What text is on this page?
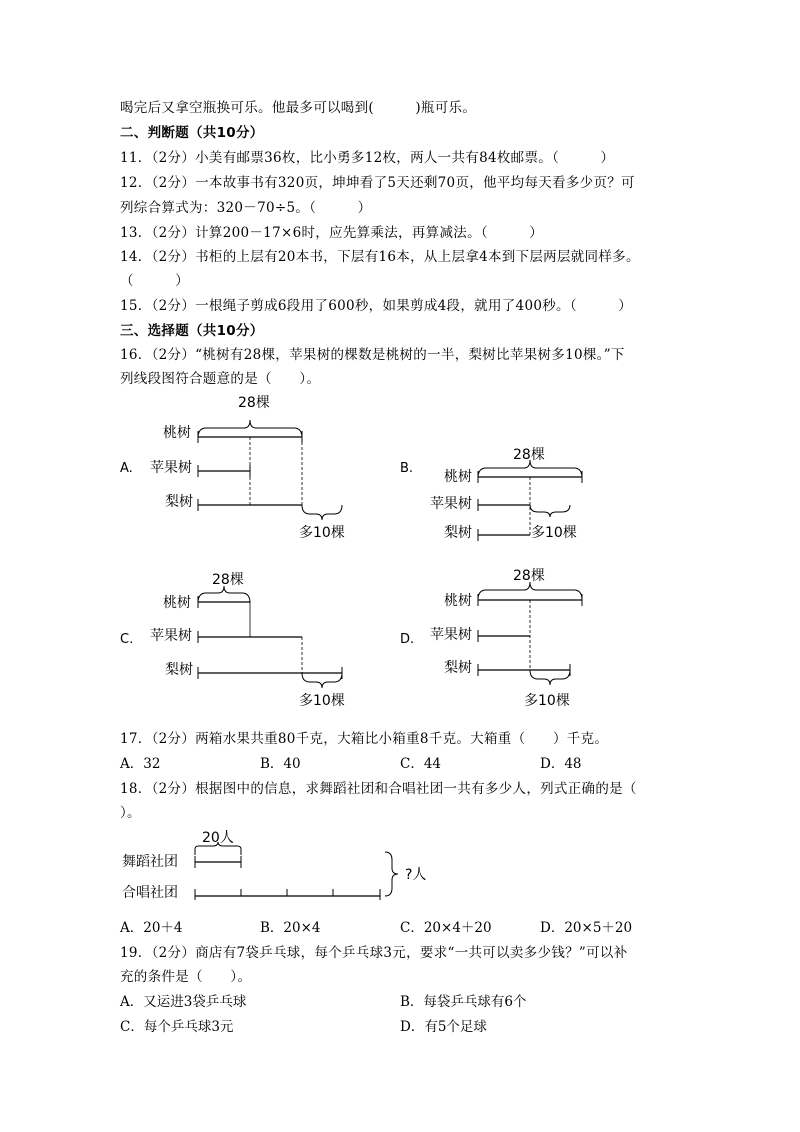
喝完后又拿空瓶换可乐。他最多可以喝到(　　　)瓶可乐。
二、判断题（共10分）
11．（2分）小美有邮票36枚，比小勇多12枚，两人一共有84枚邮票。（　　　）
12．（2分）一本故事书有320页，坤坤看了5天还剩70页，他平均每天看多少页？可
列综合算式为：320－70÷5。（　　　）
13．（2分）计算200－17×6时，应先算乘法，再算减法。（　　　）
14．（2分）书柜的上层有20本书，下层有16本，从上层拿4本到下层两层就同样多。
（　　　）
15．（2分）一根绳子剪成6段用了600秒，如果剪成4段，就用了400秒。（　　　）
三、选择题（共10分）
16．（2分）“桃树有28棵，苹果树的棵数是桃树的一半，梨树比苹果树多10棵。”下
列线段图符合题意的是（　　）。
A.
28棵
桃树
苹果树
梨树
多10棵
B.
28棵
桃树
苹果树
梨树	多10棵
C.
28棵
桃树
苹果树
梨树
多10棵
D.
28棵
桃树
苹果树
梨树
多10棵
17．（2分）两箱水果共重80千克，大箱比小箱重8千克。大箱重（　　）千克。
A．32	B．40	C．44	D．48
18．（2分）根据图中的信息，求舞蹈社团和合唱社团一共有多少人，列式正确的是（
）。
20人
舞蹈社团
合唱社团
?人
A．20＋4	B．20×4	C．20×4＋20	D．20×5＋20
19．（2分）商店有7袋乒乓球，每个乒乓球3元，要求“一共可以卖多少钱？”可以补
充的条件是（　　）。
A．又运进3袋乒乓球	B．每袋乒乓球有6个
C．每个乒乓球3元	D．有5个足球
